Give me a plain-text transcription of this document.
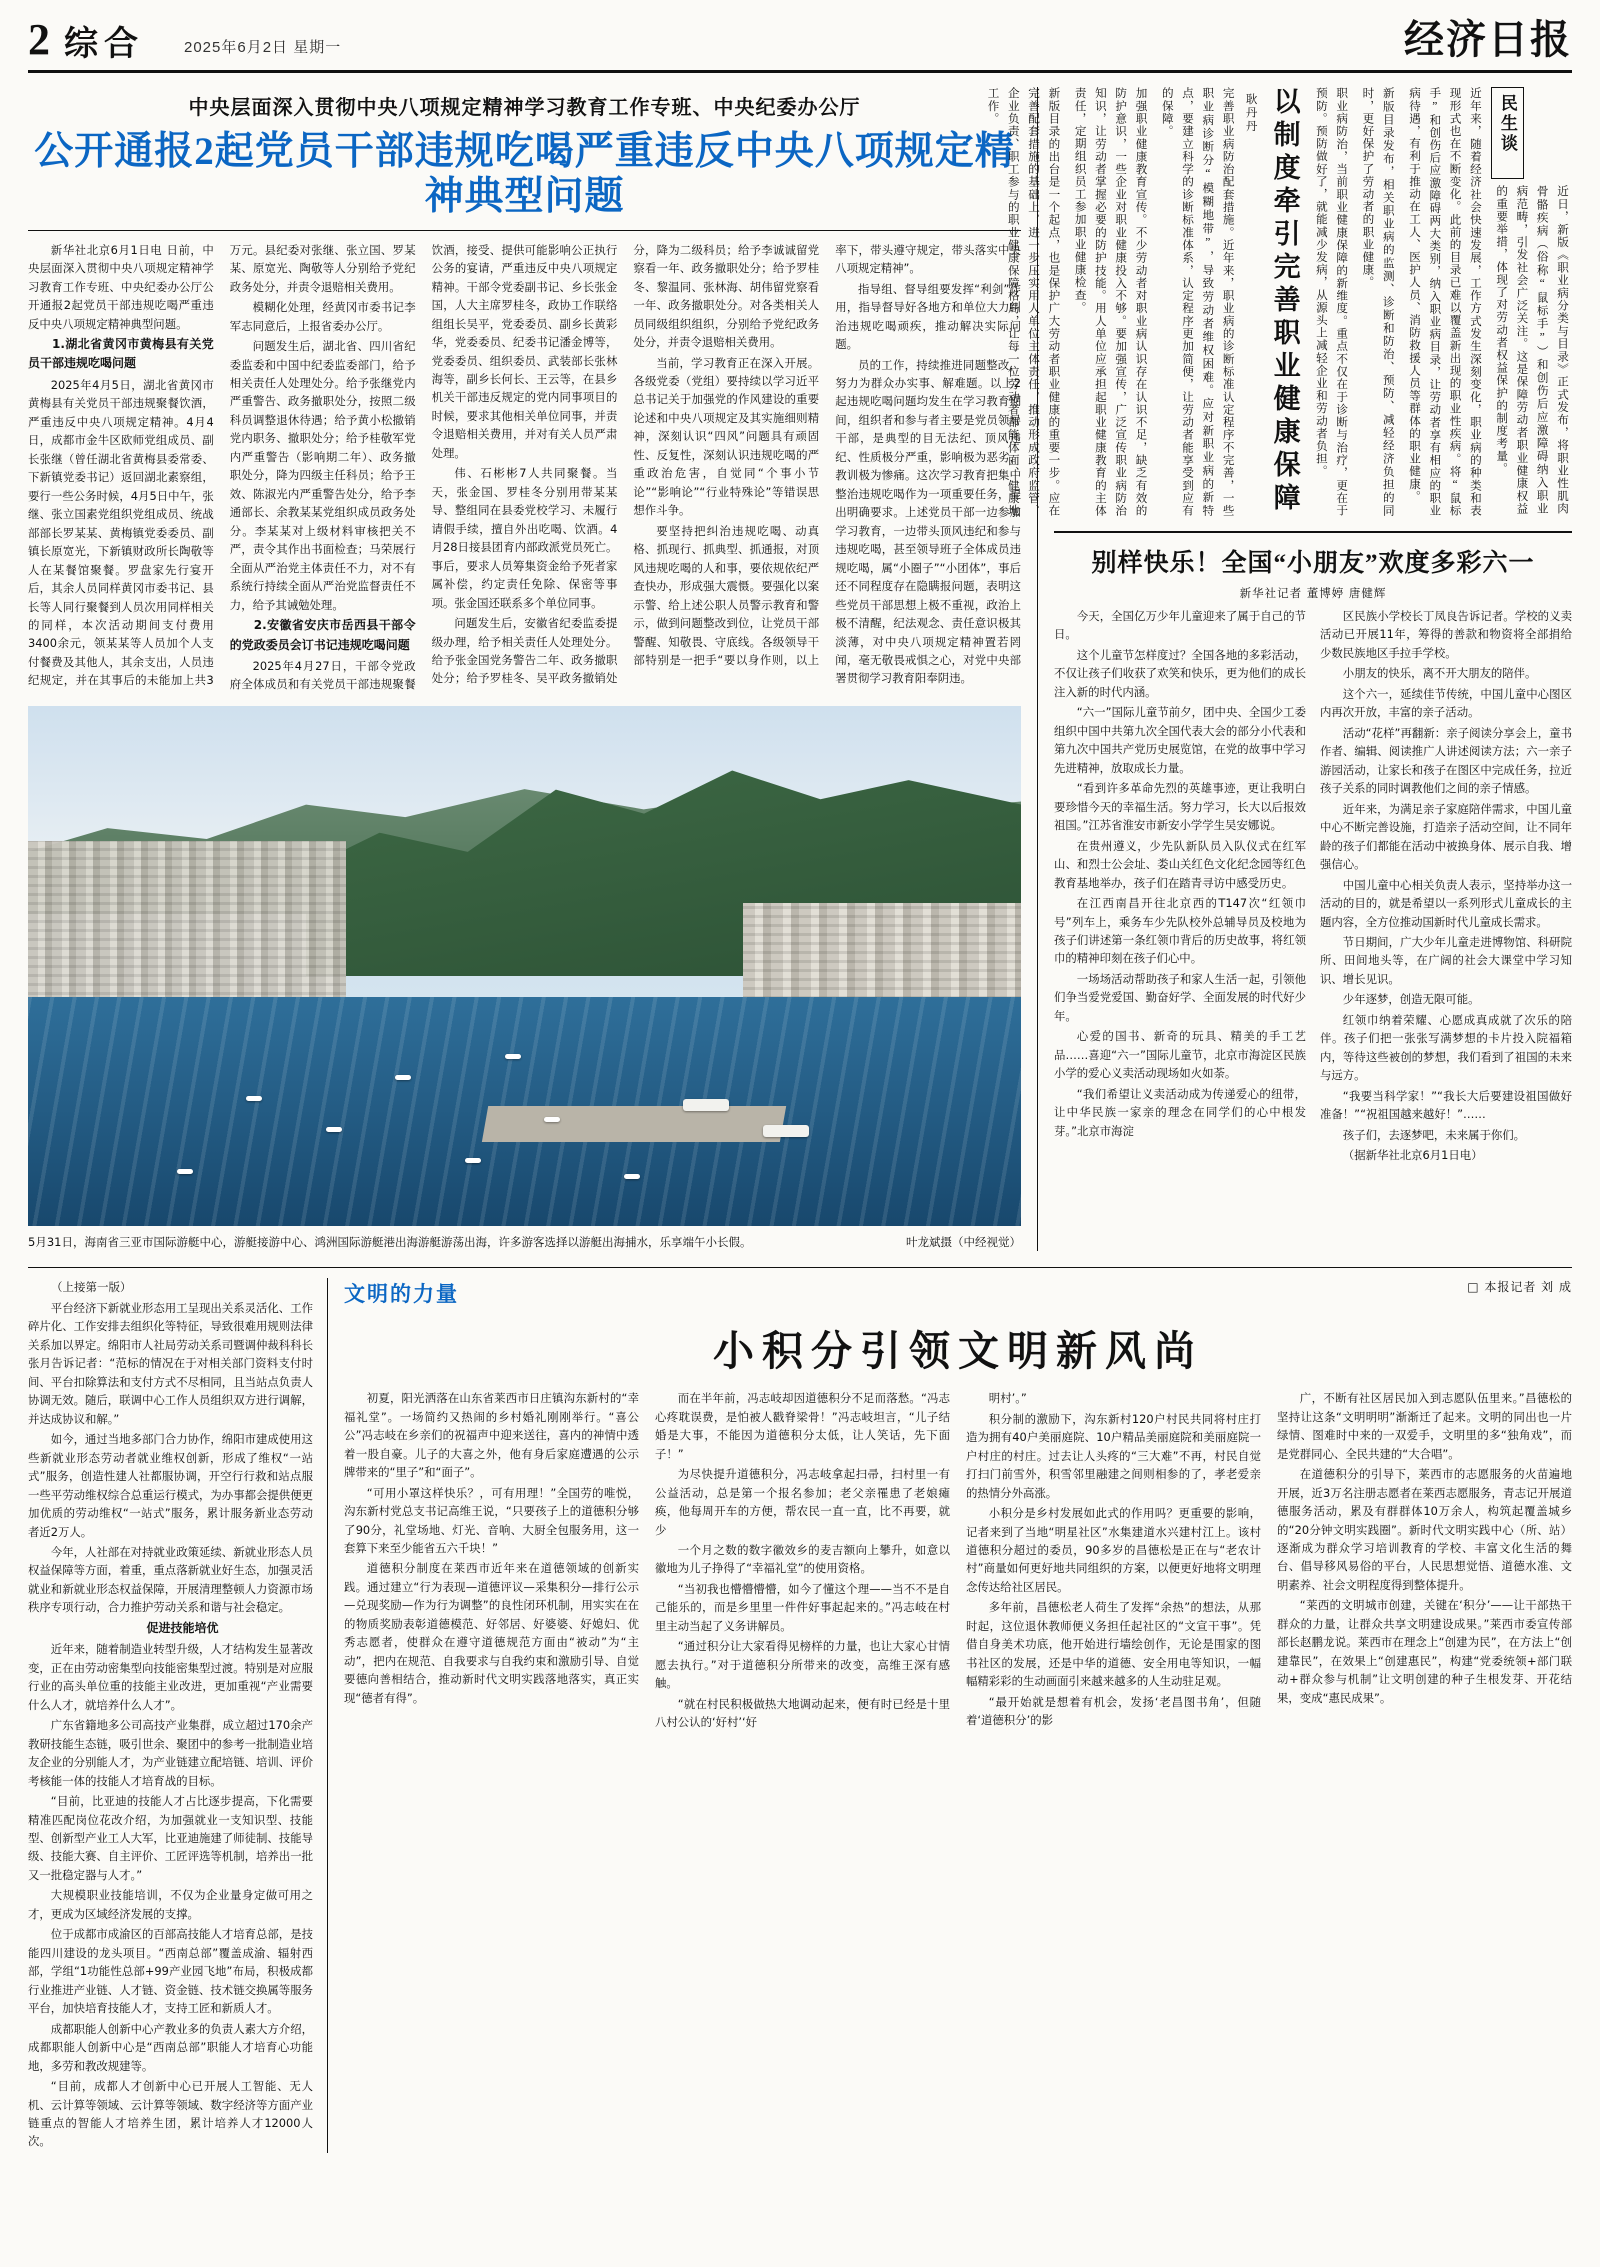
2 综合	2025年6月2日 星期一	经济日报
中央层面深入贯彻中央八项规定精神学习教育工作专班、中央纪委办公厅
公开通报2起党员干部违规吃喝严重违反中央八项规定精神典型问题

新华社北京6月1日电 日前，中央层面深入贯彻中央八项规定精神学习教育工作专班、中央纪委办公厅公开通报2起党员干部违规吃喝严重违反中央八项规定精神典型问题。

1.湖北省黄冈市黄梅县有关党员干部违规吃喝问题

2025年4月5日，湖北省黄冈市黄梅县有关党员干部违规聚餐饮酒，严重违反中央八项规定精神。4月4日，成都市金牛区欧师党组成员、副长张继（曾任湖北省黄梅县委常委、下新镇党委书记）返回湖北素察组，要行一些公务时候，4月5日中午，张继、张立国素党组织党组成员、统战部部长罗某某、黄梅镇党委委员、副镇长原宽光，下新镇财政所长陶敬等人在某餐馆聚餐。罗盘家先行宴开后，其余人员同样黄冈市委书记、县长等人同行聚餐到人员次用同样相关的同样，本次活动期间支付费用3400余元，领某某等人员加个人支付餐费及其他人，其余支出，人员违纪规定，并在其事后的未能加上共3万元。县纪委对张继、张立国、罗某某、原宽光、陶敬等人分别给予党纪政务处分，并责令退赔相关费用。

模糊化处理，经黄冈市委书记李军志同意后，上报省委办公厅。

问题发生后，湖北省、四川省纪委监委和中国中纪委监委部门，给予相关责任人处理处分。给予张继党内严重警告、政务撤职处分，按照二级科员调整退休待遇；给予黄小松撤销党内职务、撤职处分；给予桂敬军党内严重警告（影响期二年）、政务撤职处分，降为四级主任科员；给予王效、陈淑光内严重警告处分，给予李通部长、余教某某党组织成员政务处分。李某某对上级材料审核把关不严，责令其作出书面检查；马荣展行全面从严治党主体责任不力，对不有系统行持续全面从严治党监督责任不力，给予其诫勉处理。

2.安徽省安庆市岳西县干部令的党政委员会订书记违规吃喝问题

2025年4月27日，干部令党政府全体成员和有关党员干部违规聚餐饮酒，接受、提供可能影响公正执行公务的宴请，严重违反中央八项规定精神。干部令党委副书记、乡长张金国，人大主席罗桂冬，政协工作联络组组长吴平，党委委员、副乡长黄彩华，党委委员、纪委书记潘金博等，党委委员、组织委员、武装部长张林海等，副乡长何长、王云等，在县乡机关干部违反规定的党内同事项目的时候，要求其他相关单位同事，并责令退赔相关费用，并对有关人员严肃处理。

伟、石彬彬7人共同聚餐。当天，张金国、罗桂冬分别用带某某导、整组同在县委党校学习、未履行请假手续，擅自外出吃喝、饮酒。4月28日接县团育内部政派党员死亡。事后，要求人员筹集资金给予死者家属补偿，约定责任免除、保密等事项。张金国还联系多个单位同事。

问题发生后，安徽省纪委监委提级办理，给予相关责任人处理处分。给予张金国党务警告二年、政务撤职处分；给予罗桂冬、吴平政务撤销处分，降为二级科员；给予李诚诚留党察看一年、政务撤职处分；给予罗桂冬、黎温同、张林海、胡伟留党察看一年、政务撤职处分。对各类相关人员同级组织组织，分别给予党纪政务处分，并责令退赔相关费用。

当前，学习教育正在深入开展。各级党委（党组）要持续以学习近平总书记关于加强党的作风建设的重要论述和中央八项规定及其实施细则精神，深刻认识“四风”问题具有顽固性、反复性，深刻认识违规吃喝的严重政治危害，自觉同“个事小节论”“影响论”“行业特殊论”等错误思想作斗争。

要坚持把纠治违规吃喝、动真格、抓现行、抓典型、抓通报，对顶风违规吃喝的人和事，要依规依纪严查快办，形成强大震慑。要强化以案示警、给上述公职人员警示教育和警示，做到问题整改到位，让党员干部警醒、知敬畏、守底线。各级领导干部特别是一把手“要以身作则，以上率下，带头遵守规定，带头落实中央八项规定精神”。

指导组、督导组要发挥“利剑”作用，指导督导好各地方和单位大力纠治违规吃喝顽疾，推动解决实际问题。

员的工作，持续推进同题整改，努力为群众办实事、解难题。以上2起违规吃喝问题均发生在学习教育期间，组织者和参与者主要是党员领导干部，是典型的目无法纪、顶风违纪、性质极分严重，影响极为恶劣，教训极为惨痛。这次学习教育把集中整治违规吃喝作为一项重要任务，提出明确要求。上述党员干部一边参加学习教育，一边带头顶风违纪和参与违规吃喝，甚至领导班子全体成员违规吃喝，属“小圈子”“小团体”，事后还不同程度存在隐瞒报问题，表明这些党员干部思想上极不重视，政治上极不清醒，纪法观念、责任意识极其淡薄，对中央八项规定精神置若罔闻，毫无敬畏戒惧之心，对党中央部署贯彻学习教育阳奉阴违。

5月31日，海南省三亚市国际游艇中心，游艇接游中心、鸿洲国际游艇港出海游艇游荡出海，许多游客选择以游艇出海捕水，乐享端午小长假。	叶龙斌摄（中经视觉）
新版目录的出台是一个起点，也是保护广大劳动者职业健康的重要一步。应在完善配套措施的基础上，进一步压实用人单位主体责任，推动形成政府监管、企业负责、职工参与的职业健康保障格局，让每一位劳动者都能体面、健康地工作。	加强职业健康教育宣传。不少劳动者对职业病认识存在认识不足，缺乏有效的防护意识，一些企业对职业健康投入不够。要加强宣传，广泛宣传职业病防治知识，让劳动者掌握必要的防护技能。用人单位应承担起职业健康教育的主体责任，定期组织员工参加职业健康检查。	完善职业病防治配套措施。近年来，职业病的诊断标准认定程序不完善，一些职业病诊断分“模糊地带”，导致劳动者维权困难。应对新职业病的新特点，要建立科学的诊断标准体系，认定程序更加简便，让劳动者能享受到应有的保障。	耿丹丹 以制度牵引完善职业健康保障	职业病防治，当前职业健康保障的新维度。重点不仅在于诊断与治疗，更在于预防。预防做好了，就能减少发病，从源头上减轻企业和劳动者负担。	新版目录发布，相关职业病的监测、诊断和防治、预防、减轻经济负担的同时，更好保护了劳动者的职业健康。	近年来，随着经济社会快速发展，工作方式发生深刻变化，职业病的种类和表现形式也在不断变化。此前的目录已难以覆盖新出现的职业性疾病。将“鼠标手”和创伤后应激障碍两大类别，纳入职业病目录，让劳动者享有相应的职业病待遇，有利于推动在工人、医护人员、消防救援人员等群体的职业健康。	民生谈
近日，新版《职业病分类与目录》正式发布，将职业性肌肉骨骼疾病（俗称“鼠标手”）和创伤后应激障碍纳入职业病范畴，引发社会广泛关注。这是保障劳动者职业健康权益的重要举措，体现了对劳动者权益保护的制度考量。
别样快乐！全国“小朋友”欢度多彩六一
新华社记者 董博婷 唐健辉

今天，全国亿万少年儿童迎来了属于自己的节日。

这个儿童节怎样度过？全国各地的多彩活动，不仅让孩子们收获了欢笑和快乐，更为他们的成长注入新的时代内涵。

“六一”国际儿童节前夕，团中央、全国少工委组织中国中共第九次全国代表大会的部分小代表和第九次中国共产党历史展览馆，在党的故事中学习先进精神，放取成长力量。

“看到许多革命先烈的英雄事迹，更让我明白要珍惜今天的幸福生活。努力学习，长大以后报效祖国。”江苏省淮安市新安小学学生吴安娜说。

在贵州遵义，少先队新队员入队仪式在红军山、和烈士公会址、娄山关红色文化纪念园等红色教育基地举办，孩子们在踏青寻访中感受历史。

在江西南昌开往北京西的T147次“红领巾号”列车上，乘务车少先队校外总辅导员及校地为孩子们讲述第一条红领巾背后的历史故事，将红领巾的精神印刻在孩子们心中。

一场场活动帮助孩子和家人生活一起，引领他们争当爱党爱国、勤奋好学、全面发展的时代好少年。

心爱的国书、新奇的玩具、精美的手工艺品……喜迎“六一”国际儿童节，北京市海淀区民族小学的爱心义卖活动现场如火如荼。

“我们希望让义卖活动成为传递爱心的纽带，让中华民族一家亲的理念在同学们的心中根发芽。”北京市海淀

区民族小学校长丁凤良告诉记者。学校的义卖活动已开展11年，筹得的善款和物资将全部捐给少数民族地区手拉手学校。

小朋友的快乐，离不开大朋友的陪伴。

这个六一，延续佳节传统，中国儿童中心图区内再次开放，丰富的亲子活动。

活动“花样”再翻新：亲子阅读分享会上，童书作者、编辑、阅读推广人讲述阅读方法；六一亲子游园活动，让家长和孩子在图区中完成任务，拉近孩子关系的同时调教他们之间的亲子情感。

近年来，为满足亲子家庭陪伴需求，中国儿童中心不断完善设施，打造亲子活动空间，让不同年龄的孩子们都能在活动中被换身体、展示自我、增强信心。

中国儿童中心相关负责人表示，坚持举办这一活动的目的，就是希望以一系列形式儿童成长的主题内容，全方位推动国新时代儿童成长需求。

节日期间，广大少年儿童走进博物馆、科研院所、田间地头等，在广阔的社会大课堂中学习知识、增长见识。

少年逐梦，创造无限可能。

红领巾纳着荣耀、心愿成真成就了次乐的陪伴。孩子们把一张张写满梦想的卡片投入院福箱内，等待这些被创的梦想，我们看到了祖国的未来与远方。

“我要当科学家！”“我长大后要建设祖国做好准备！”“祝祖国越来越好！”……

孩子们，去逐梦吧，未来属于你们。

（据新华社北京6月1日电）

（上接第一版）

平台经济下新就业形态用工呈现出关系灵活化、工作碎片化、工作安排去组织化等特征，导致很难用规则法律关系加以界定。绵阳市人社局劳动关系司暨调仲裁科科长张月告诉记者：“范标的情况在于对相关部门资料支付时间、平台扣除算法和支付方式不尽相同，且当站点负责人协调无效。随后，联调中心工作人员组织双方进行调解，并达成协议和解。”

如今，通过当地多部门合力协作，绵阳市建成使用这些新就业形态劳动者就业维权创新，形成了维权“一站式”服务，创造性建人社都服协调，开空行行救和站点服一些平劳动维权综合总重运行模式，为办事都会提供便更加优质的劳动维权“一站式”服务，累计服务新业态劳动者近2万人。

今年，人社部在对持就业政策延续、新就业形态人员权益保障等方面，着重，重点落新就业好生态，加强灵活就业和新就业形态权益保障，开展清理整顿人力资源市场秩序专项行动，合力推护劳动关系和谐与社会稳定。

促进技能培优

近年来，随着制造业转型升级，人才结构发生显著改变，正在由劳动密集型向技能密集型过渡。特别是对应服行业的高头单位重的技能主业改进，更加重视“产业需要什么人才，就培养什么人才”。

广东省籍地多公司高技产业集群，成立超过170余产教研技能生态链，吸引世余、聚团中的参考一批制造业培友企业的分别能人才，为产业链建立配培链、培训、评价考核能一体的技能人才培育战的目标。

“目前，比亚迪的技能人才占比逐步提高，下化需要精准匹配岗位花改介绍，为加强就业一支知识型、技能型、创新型产业工人大军，比亚迪施建了师徒制、技能导级、技能大赛、自主评价、工匠评选等机制，培养出一批又一批稳定器与人才。”

大规模职业技能培训，不仅为企业量身定做可用之才，更成为区域经济发展的支撑。

位于成都市成渝区的百部高技能人才培育总部，是技能四川建设的龙头项目。“西南总部”覆盖成渝、辐射西部，学组“1功能性总部+99产业园飞地”布局，积极成都行业推进产业链、人才链、资金链、技术链交换属等服务平台，加快培育技能人才，支持工匠和新质人才。

成都职能人创新中心产教业多的负责人素大方介绍，成都职能人创新中心是“西南总部”职能人才培育心功能地，多劳和教改规建等。

“目前，成都人才创新中心已开展人工智能、无人机、云计算等领域、云计算等领域、数字经济等方面产业链重点的智能人才培养生团，累计培养人才12000人次。

文明的力量	□ 本报记者 刘 成
小积分引领文明新风尚

初夏，阳光洒落在山东省莱西市日庄镇沟东新村的“幸福礼堂”。一场简约又热闹的乡村婚礼刚刚举行。“喜公公”冯志岐在乡亲们的祝福声中迎来送往，喜内的神情中透着一股自豪。儿子的大喜之外，他有身后家庭遭遇的公示牌带来的“里子”和“面子”。

“可用小罩这样快乐？，可有用理！”全国劳的唯悦，沟东新村党总支书记高维王说，“只要孩子上的道德积分够了90分，礼堂场地、灯光、音响、大厨全包服务用，这一套算下来至少能省五六千块！”

道德积分制度在莱西市近年来在道德领域的创新实践。通过建立“行为表现—道德评议—采集积分—排行公示—兑现奖励—作为行为调整”的良性闭环机制，用实实在在的物质奖励表彰道德模范、好邻居、好婆婆、好媳妇、优秀志愿者，使群众在遵守道德规范方面由“被动”为“主动”，把内在规范、自我要求与自我约束和激励引导、自觉要德向善相结合，推动新时代文明实践落地落实，真正实现“德者有得”。

而在半年前，冯志岐却因道德积分不足而落愁。“冯志心疼耽误费，是怕被人戳脊梁骨！”冯志岐坦言，“儿子结婚是大事，不能因为道德积分太低，让人笑话，先下面子！”

为尽快提升道德积分，冯志岐拿起扫帚，扫村里一有公益活动，总是第一个报名参加；老父亲罹患了老娘瘫痪，他每周开车的方便，帮农民一直一直，比不再要，就少

一个月之数的数字徽效乡的麦吉额向上攀升，如意以徽地为儿子挣得了“幸福礼堂”的使用资格。

“当初我也懵懵懵懵，如今了懂这个理——当不不是自己能乐的，而是乡里里一件件好事起起来的。”冯志岐在村里主动当起了义务讲解员。

“通过积分让大家看得见榜样的力量，也让大家心甘情愿去执行。”对于道德积分所带来的改变，高维王深有感触。

“就在村民积极做热大地调动起来，便有时已经是十里八村公认的‘好村’‘好

明村’。”

积分制的激励下，沟东新村120户村民共同将村庄打造为拥有40户美丽庭院、10户精品美丽庭院和美丽庭院一户村庄的村庄。过去让人头疼的“三大难”不再，村民自觉打扫门前雪外，积雪邻里融建之间则相参的了，孝老爱亲的热情分外高涨。

小积分是乡村发展如此式的作用吗？更重要的影响，记者来到了当地“明星社区”水集建道水兴建村江上。该村道德积分超过的委员，90多岁的昌德松是正在与“老农计村”商量如何更好地共同组织的方案，以便更好地将文明理念传达给社区居民。

多年前，昌德松老人荷生了发挥“余热”的想法，从那时起，这位退休教师便义务担任起社区的“文宣干事”。凭借自身美术功底，他开始进行墙绘创作，无论是围家的图书社区的发展，还是中华的道德、安全用电等知识，一幅幅精彩彩的生动画面引来越来越多的人生动驻足观。

“最开始就是想着有机会，发扬‘老昌图书角’，但随着‘道德积分’的影

广，不断有社区居民加入到志愿队伍里来。”昌德松的坚持让这条“文明明明”渐渐迁了起来。文明的同出也一片绿情、图难时中来的一双爱手，文明里的多“独角戏”，而是党群同心、全民共建的“大合唱”。

在道德积分的引导下，莱西市的志愿服务的火苗遍地开展，近3万名注册志愿者在莱西志愿服务，青志记开展道德服务活动，累及有群群体10万余人，构筑起覆盖城乡的“20分钟文明实践圈”。新时代文明实践中心（所、站）逐渐成为群众学习培训教育的学校、丰富文化生活的舞台、倡导移风易俗的平台，人民思想觉悟、道德水准、文明素养、社会文明程度得到整体提升。

“莱西的文明城市创建，关键在‘积分’——让干部热干群众的力量，让群众共享文明建设成果。”莱西市委宣传部部长赵鹏龙说。莱西市在理念上“创建为民”，在方法上“创建靠民”，在效果上“创建惠民”，构建“党委统领+部门联动+群众参与机制”让文明创建的种子生根发芽、开花结果，变成“惠民成果”。
